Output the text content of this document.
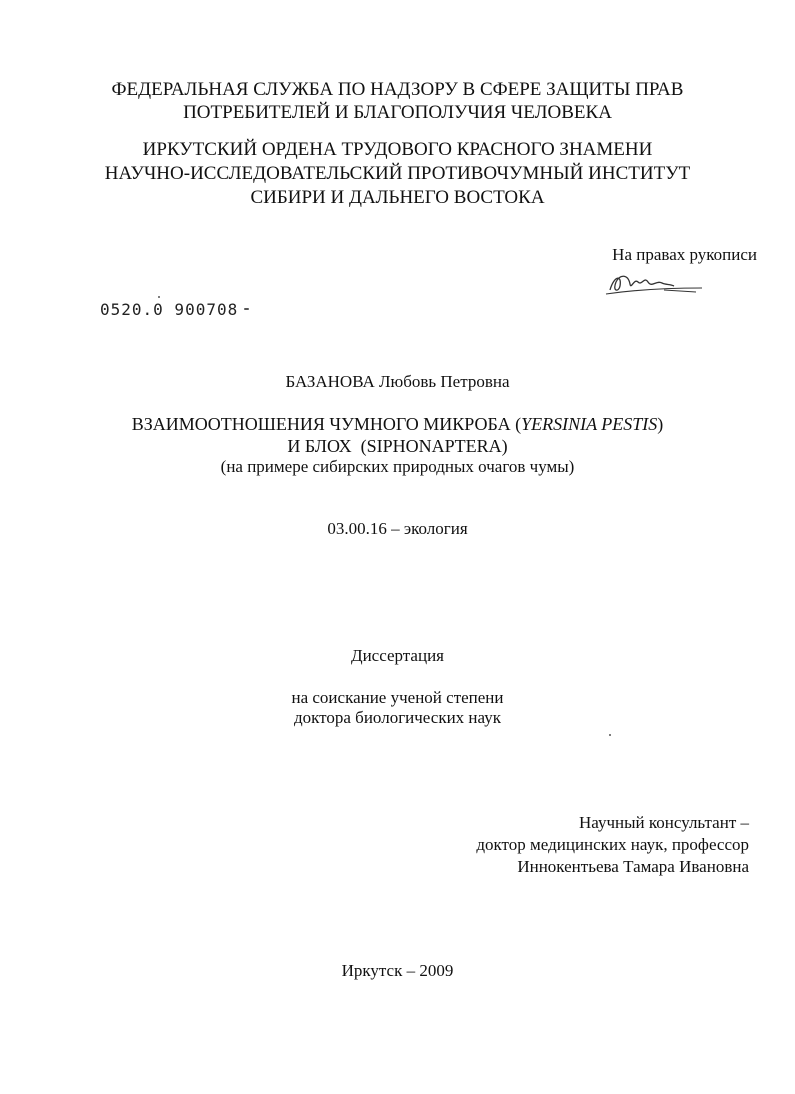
ФЕДЕРАЛЬНАЯ СЛУЖБА ПО НАДЗОРУ В СФЕРЕ ЗАЩИТЫ ПРАВ
ПОТРЕБИТЕЛЕЙ И БЛАГОПОЛУЧИЯ ЧЕЛОВЕКА
ИРКУТСКИЙ ОРДЕНА ТРУДОВОГО КРАСНОГО ЗНАМЕНИ
НАУЧНО-ИССЛЕДОВАТЕЛЬСКИЙ ПРОТИВОЧУМНЫЙ ИНСТИТУТ
СИБИРИ И ДАЛЬНЕГО ВОСТОКА
На правах рукописи
0520.0 900708
БАЗАНОВА Любовь Петровна
ВЗАИМООТНОШЕНИЯ ЧУМНОГО МИКРОБА (YERSINIA PESTIS)
И БЛОХ  (SIPHONAPTERA)
(на примере сибирских природных очагов чумы)
03.00.16 – экология
Диссертация
на соискание ученой степени
доктора биологических наук
Научный консультант –
доктор медицинских наук, профессор
Иннокентьева Тамара Ивановна
Иркутск – 2009
